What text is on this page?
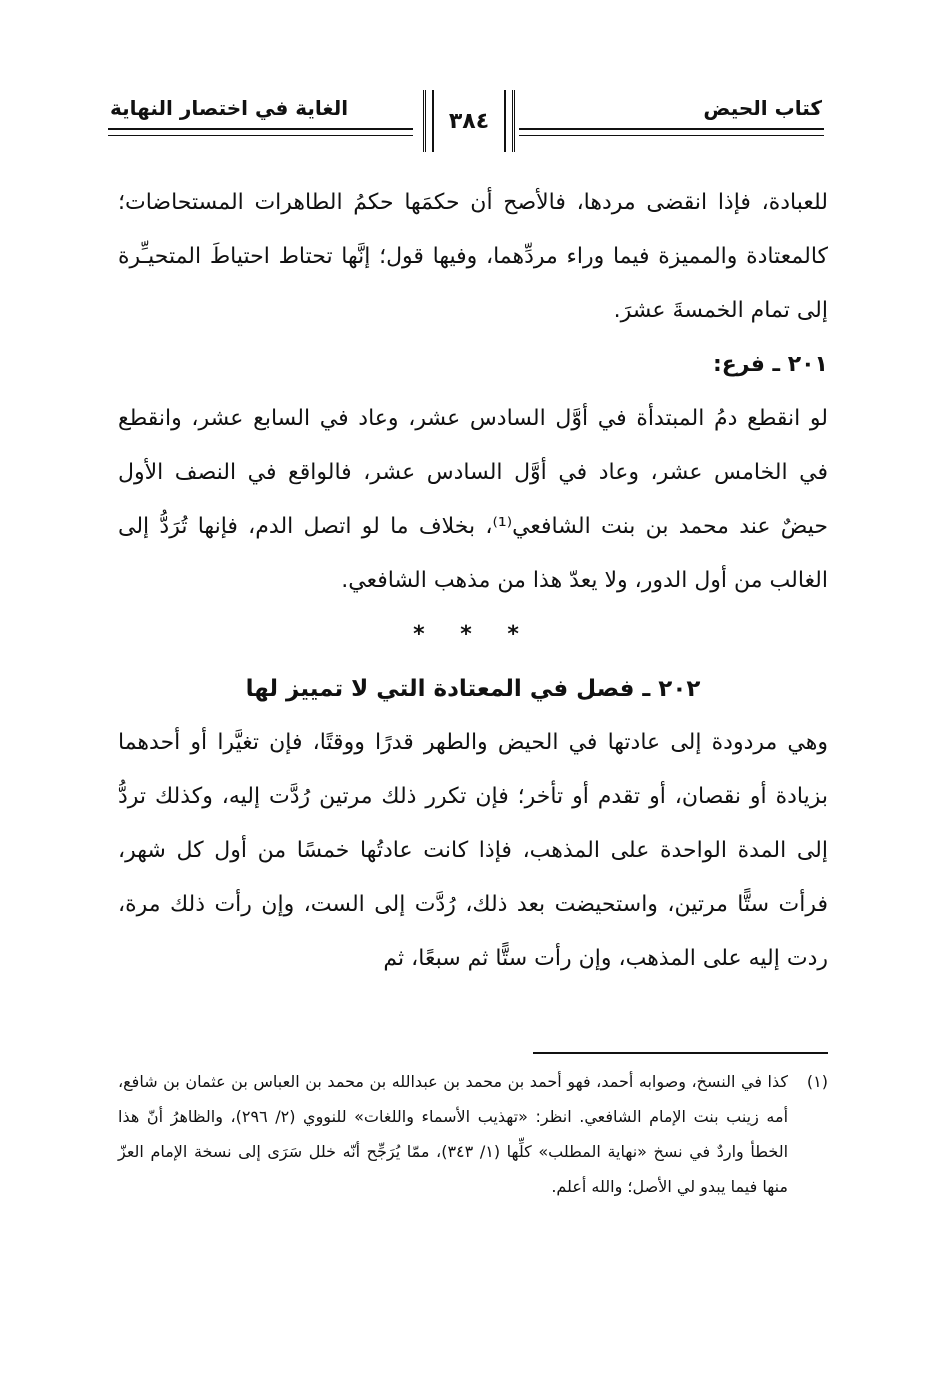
كتاب الحيض
الغاية في اختصار النهاية
٣٨٤

للعبادة، فإذا انقضى مردها، فالأصح أن حكمَها حكمُ الطاهرات المستحاضات؛ كالمعتادة والمميزة فيما وراء مردِّهما، وفيها قول؛ إنَّها تحتاط احتياطَ المتحيـِّرة إلى تمام الخمسةَ عشرَ.

٢٠١ ـ فرع:

لو انقطع دمُ المبتدأة في أوَّل السادس عشر، وعاد في السابع عشر، وانقطع في الخامس عشر، وعاد في أوَّل السادس عشر، فالواقع في النصف الأول حيضٌ عند محمد بن بنت الشافعي⁽¹⁾، بخلاف ما لو اتصل الدم، فإنها تُرَدُّ إلى الغالب من أول الدور، ولا يعدّ هذا من مذهب الشافعي.

* * *

٢٠٢ ـ فصل في المعتادة التي لا تمييز لها

وهي مردودة إلى عادتها في الحيض والطهر قدرًا ووقتًا، فإن تغيَّرا أو أحدهما بزيادة أو نقصان، أو تقدم أو تأخر؛ فإن تكرر ذلك مرتين رُدَّت إليه، وكذلك تردُّ إلى المدة الواحدة على المذهب، فإذا كانت عادتُها خمسًا من أول كل شهر، فرأت ستًّا مرتين، واستحيضت بعد ذلك، رُدَّت إلى الست، وإن رأت ذلك مرة، ردت إليه على المذهب، وإن رأت ستًّا ثم سبعًا، ثم

(١)
كذا في النسخ، وصوابه أحمد، فهو أحمد بن محمد بن عبدالله بن محمد بن العباس بن عثمان بن شافع، أمه زينب بنت الإمام الشافعي. انظر: «تهذيب الأسماء واللغات» للنووي (٢/ ٢٩٦)، والظاهرُ أنّ هذا الخطأ واردٌ في نسخ «نهاية المطلب» كلِّها (١/ ٣٤٣)، ممّا يُرَجِّح أنّه خلل سَرَى إلى نسخة الإمام العزّ منها فيما يبدو لي الأصل؛ والله أعلم.
